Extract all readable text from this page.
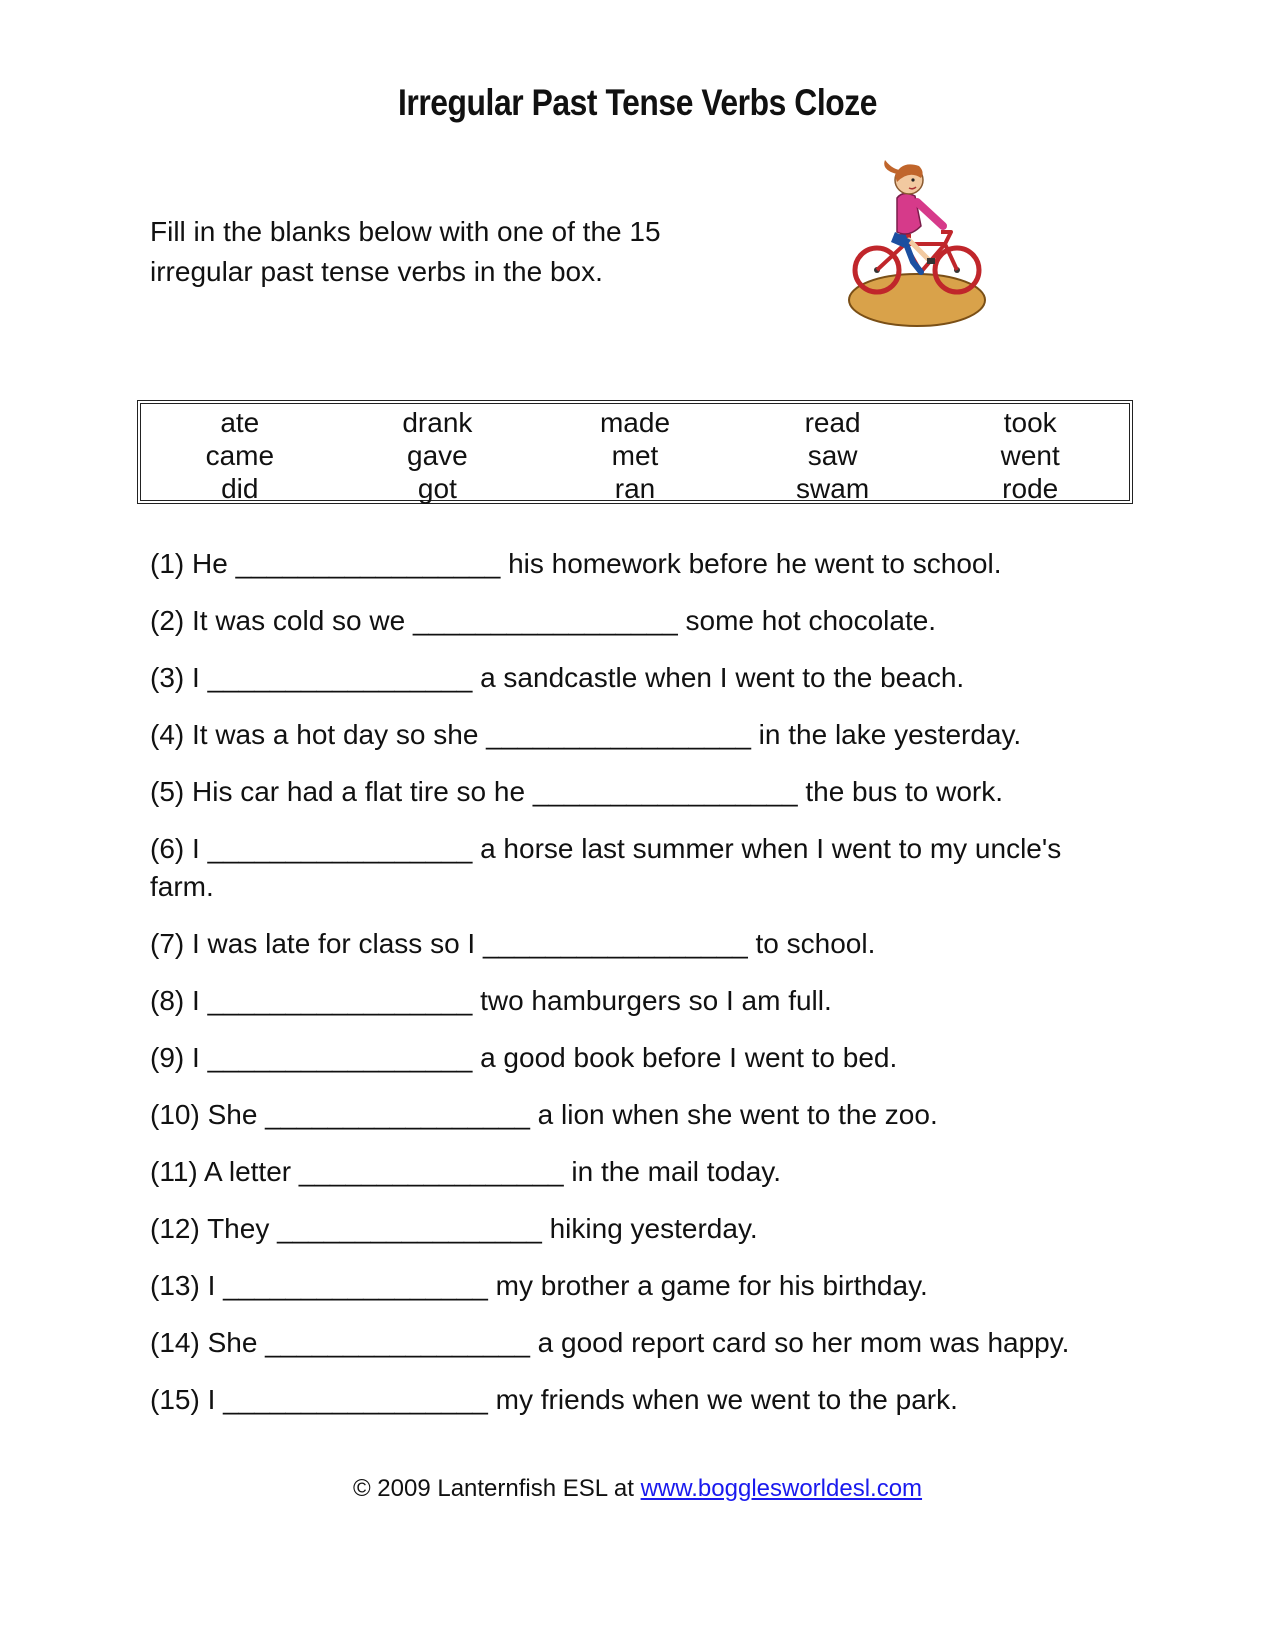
Irregular Past Tense Verbs Cloze
Fill in the blanks below with one of the 15 irregular past tense verbs in the box.
ate
came
did
drank
gave
got
made
met
ran
read
saw
swam
took
went
rode

(1) He _________________ his homework before he went to school.

(2) It was cold so we _________________ some hot chocolate.

(3) I _________________ a sandcastle when I went to the beach.

(4) It was a hot day so she _________________ in the lake yesterday.

(5) His car had a flat tire so he _________________ the bus to work.

(6) I _________________ a horse last summer when I went to my uncle's farm.

(7) I was late for class so I _________________ to school.

(8) I _________________ two hamburgers so I am full.

(9) I _________________ a good book before I went to bed.

(10) She _________________ a lion when she went to the zoo.

(11) A letter _________________ in the mail today.

(12) They _________________ hiking yesterday.

(13) I _________________ my brother a game for his birthday.

(14) She _________________ a good report card so her mom was happy.

(15) I _________________ my friends when we went to the park.

© 2009 Lanternfish ESL at www.bogglesworldesl.com
